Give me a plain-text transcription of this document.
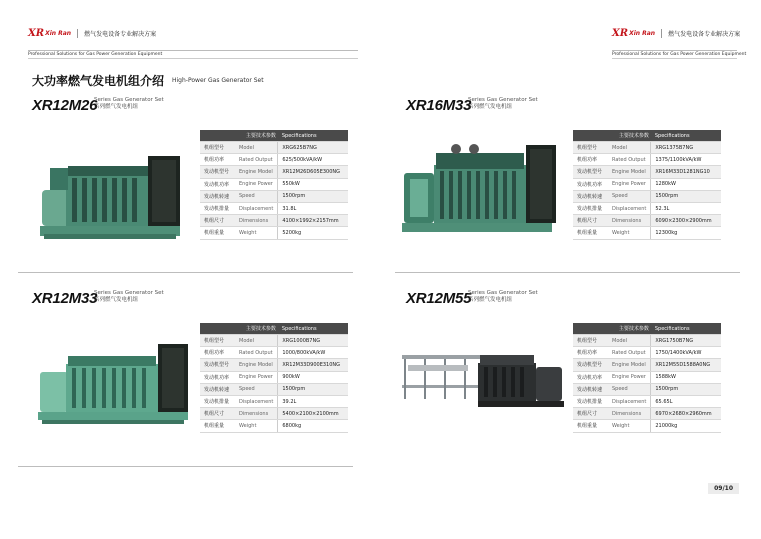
XR Xin Ran 燃气发电设备专业解决方案
Professional Solutions for Gas Power Generation Equipment
XR Xin Ran 燃气发电设备专业解决方案
Professional Solutions for Gas Power Generation Equipment
大功率燃气发电机组介绍 High-Power Gas Generator Set
XR12M26
Series Gas Generator Set
系列燃气发电机组
主要技术参数		Specifications
机组型号	Model	XRG625B7NG
机组功率	Rated Output	625/500kVA/kW
发动机型号	Engine Model	XR12M26D605E300NG
发动机功率	Engine Power	550kW
发动机转速	Speed	1500rpm
发动机排量	Displacement	31.8L
机组尺寸	Dimensions	4100×1992×2157mm
机组重量	Weight	5200kg
XR16M33
Series Gas Generator Set
系列燃气发电机组
主要技术参数		Specifications
机组型号	Model	XRG1375B7NG
机组功率	Rated Output	1375/1100kVA/kW
发动机型号	Engine Model	XR16M33D1281NG10
发动机功率	Engine Power	1280kW
发动机转速	Speed	1500rpm
发动机排量	Displacement	52.3L
机组尺寸	Dimensions	6090×2300×2900mm
机组重量	Weight	12300kg
XR12M33
Series Gas Generator Set
系列燃气发电机组
主要技术参数		Specifications
机组型号	Model	XRG1000B7NG
机组功率	Rated Output	1000/800kVA/kW
发动机型号	Engine Model	XR12M33D900E310NG
发动机功率	Engine Power	900kW
发动机转速	Speed	1500rpm
发动机排量	Displacement	39.2L
机组尺寸	Dimensions	5400×2100×2100mm
机组重量	Weight	6800kg
XR12M55
Series Gas Generator Set
系列燃气发电机组
主要技术参数		Specifications
机组型号	Model	XRG1750B7NG
机组功率	Rated Output	1750/1400kVA/kW
发动机型号	Engine Model	XR12M55D1588A0NG
发动机功率	Engine Power	1588kW
发动机转速	Speed	1500rpm
发动机排量	Displacement	65.65L
机组尺寸	Dimensions	6970×2680×2960mm
机组重量	Weight	21000kg
09/10
